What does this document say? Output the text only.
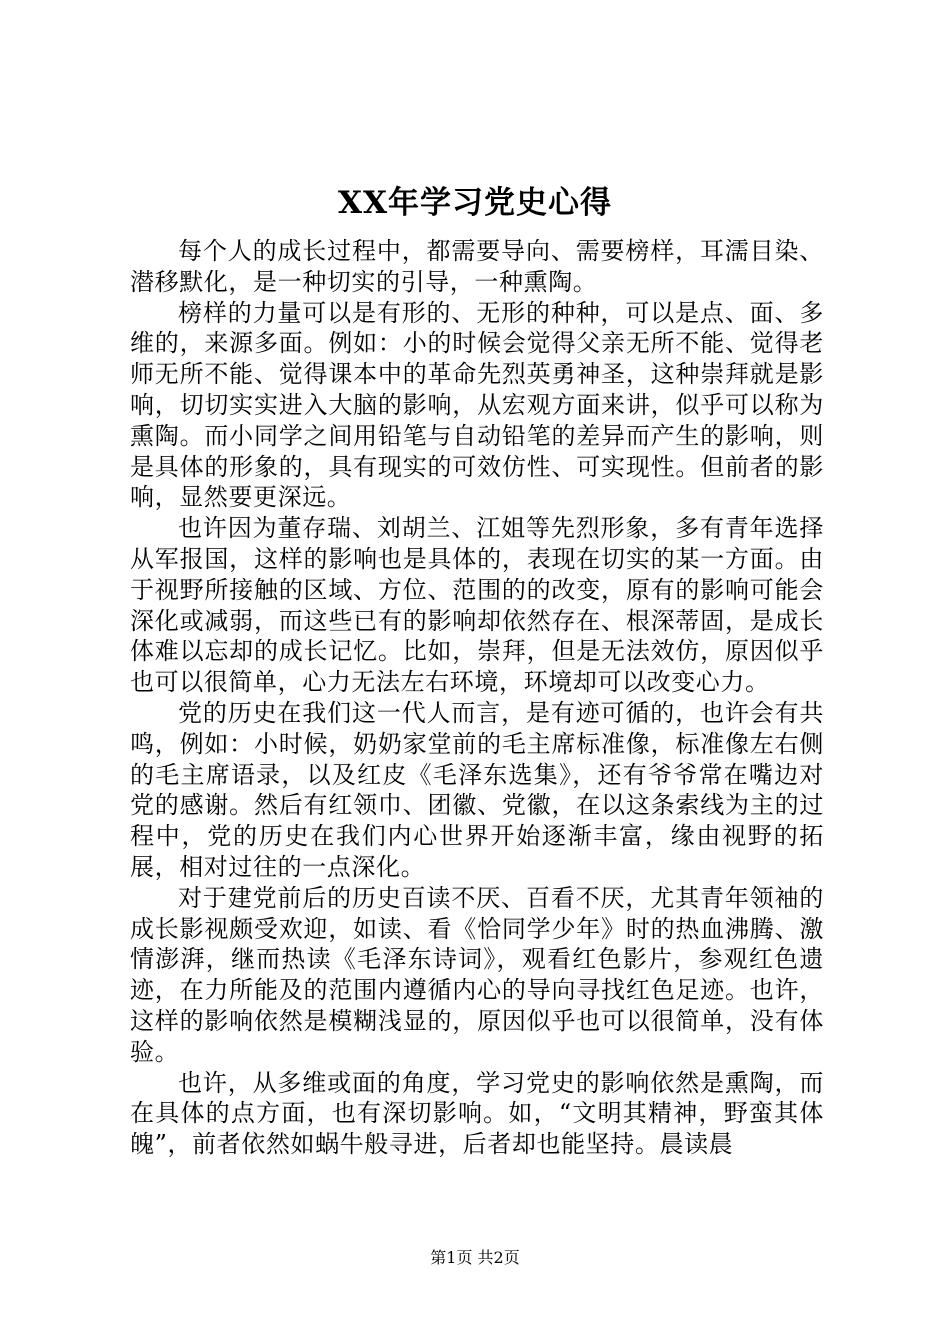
XX年学习党史心得

每个人的成长过程中，都需要导向、需要榜样，耳濡目染、潜移默化，是一种切实的引导，一种熏陶。

榜样的力量可以是有形的、无形的种种，可以是点、面、多维的，来源多面。例如：小的时候会觉得父亲无所不能、觉得老师无所不能、觉得课本中的革命先烈英勇神圣，这种崇拜就是影响，切切实实进入大脑的影响，从宏观方面来讲，似乎可以称为熏陶。而小同学之间用铅笔与自动铅笔的差异而产生的影响，则是具体的形象的，具有现实的可效仿性、可实现性。但前者的影响，显然要更深远。

也许因为董存瑞、刘胡兰、江姐等先烈形象，多有青年选择从军报国，这样的影响也是具体的，表现在切实的某一方面。由于视野所接触的区域、方位、范围的的改变，原有的影响可能会深化或减弱，而这些已有的影响却依然存在、根深蒂固，是成长体难以忘却的成长记忆。比如，崇拜，但是无法效仿，原因似乎也可以很简单，心力无法左右环境，环境却可以改变心力。

党的历史在我们这一代人而言，是有迹可循的，也许会有共鸣，例如：小时候，奶奶家堂前的毛主席标准像，标准像左右侧的毛主席语录，以及红皮《毛泽东选集》，还有爷爷常在嘴边对党的感谢。然后有红领巾、团徽、党徽，在以这条索线为主的过程中，党的历史在我们内心世界开始逐渐丰富，缘由视野的拓展，相对过往的一点深化。

对于建党前后的历史百读不厌、百看不厌，尤其青年领袖的成长影视颇受欢迎，如读、看《恰同学少年》时的热血沸腾、激情澎湃，继而热读《毛泽东诗词》，观看红色影片，参观红色遗迹，在力所能及的范围内遵循内心的导向寻找红色足迹。也许，这样的影响依然是模糊浅显的，原因似乎也可以很简单，没有体验。

也许，从多维或面的角度，学习党史的影响依然是熏陶，而在具体的点方面，也有深切影响。如，“文明其精神，野蛮其体魄”，前者依然如蜗牛般寻进，后者却也能坚持。晨读晨

第1页 共2页
